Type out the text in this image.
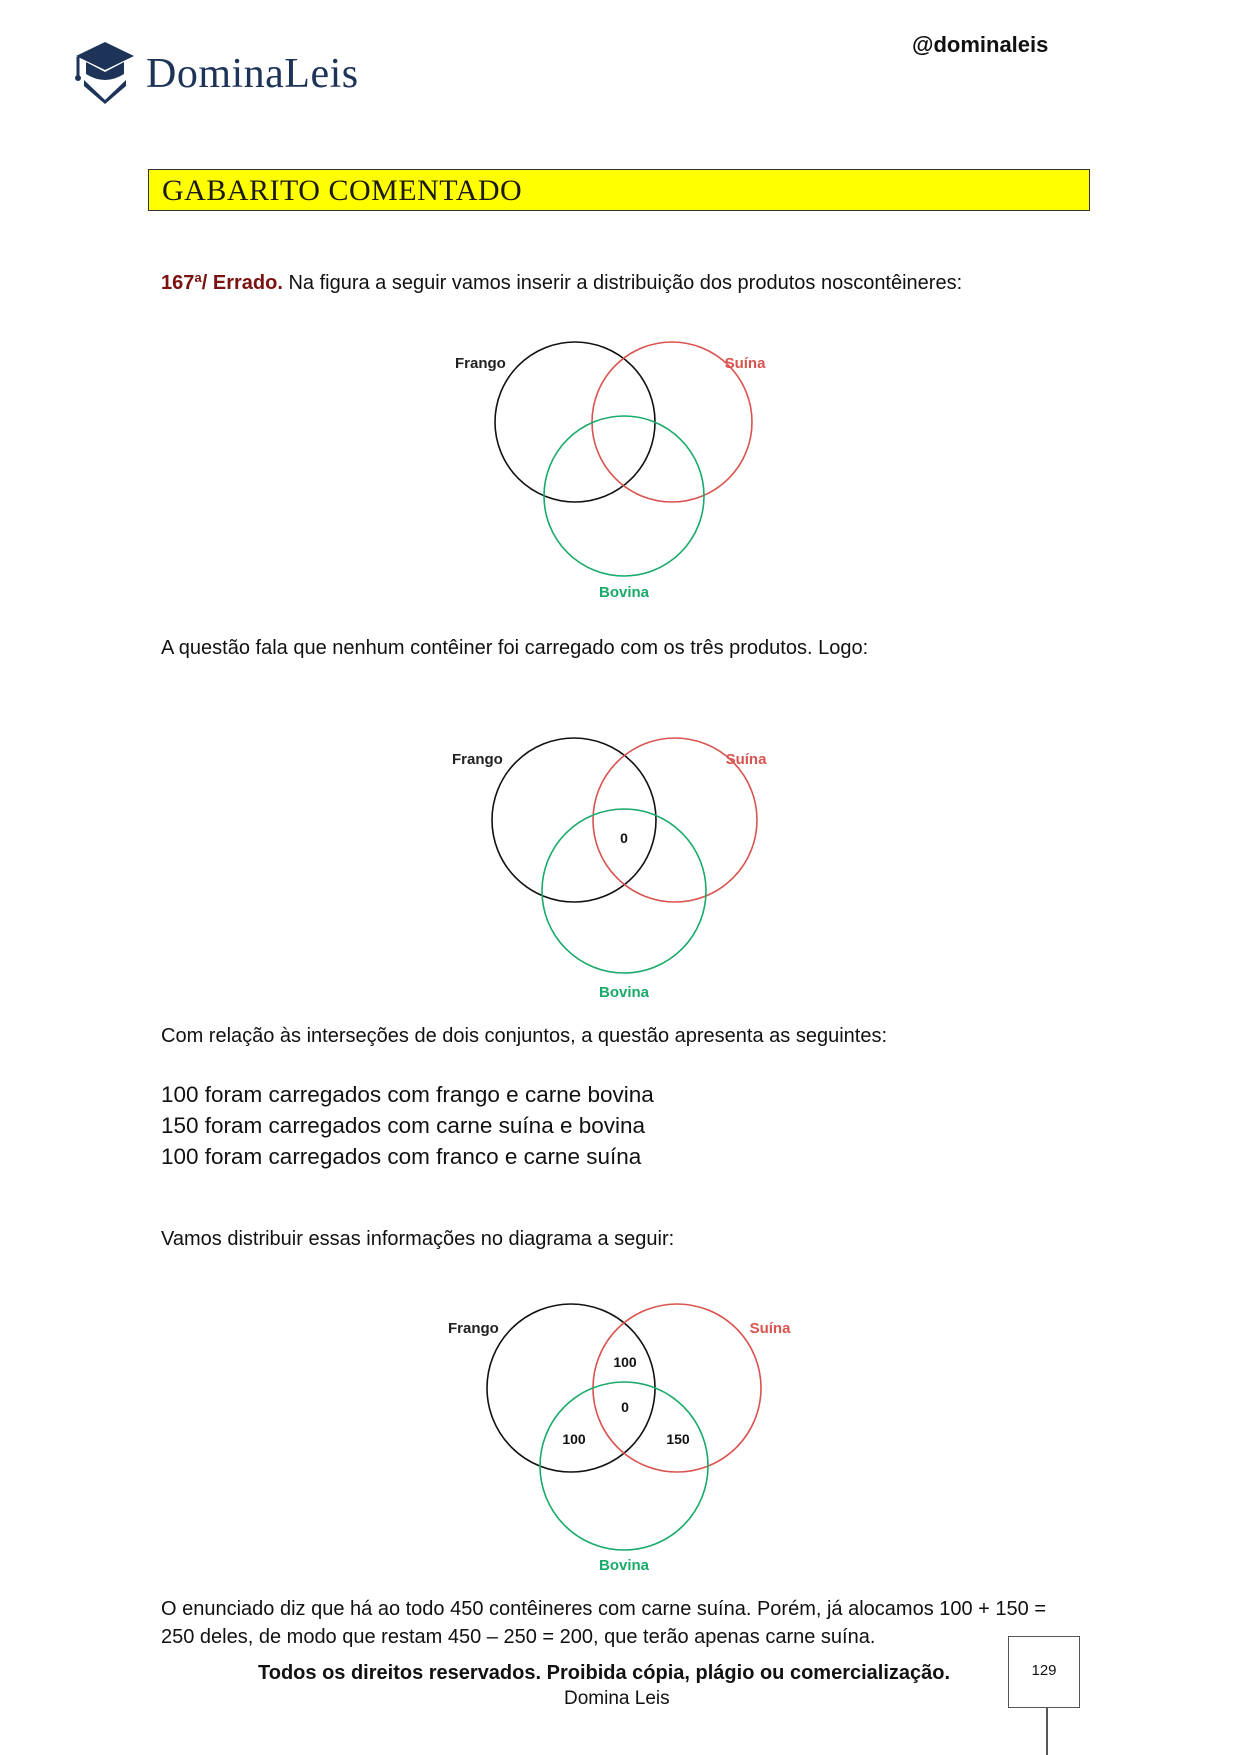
DominaLeis
@dominaleis
GABARITO COMENTADO
167ª/ Errado. Na figura a seguir vamos inserir a distribuição dos produtos noscontêineres:
Frango	Suína
Bovina
A questão fala que nenhum contêiner foi carregado com os três produtos. Logo:
Frango	Suína
Bovina
0
Com relação às interseções de dois conjuntos, a questão apresenta as seguintes:
100 foram carregados com frango e carne bovina
150 foram carregados com carne suína e bovina
100 foram carregados com franco e carne suína
Vamos distribuir essas informações no diagrama a seguir:
Frango	Suína
Bovina
100
0
100	150
O enunciado diz que há ao todo 450 contêineres com carne suína. Porém, já alocamos 100 + 150 =
250 deles, de modo que restam 450 – 250 = 200, que terão apenas carne suína.
Todos os direitos reservados. Proibida cópia, plágio ou comercialização.
Domina Leis
129
